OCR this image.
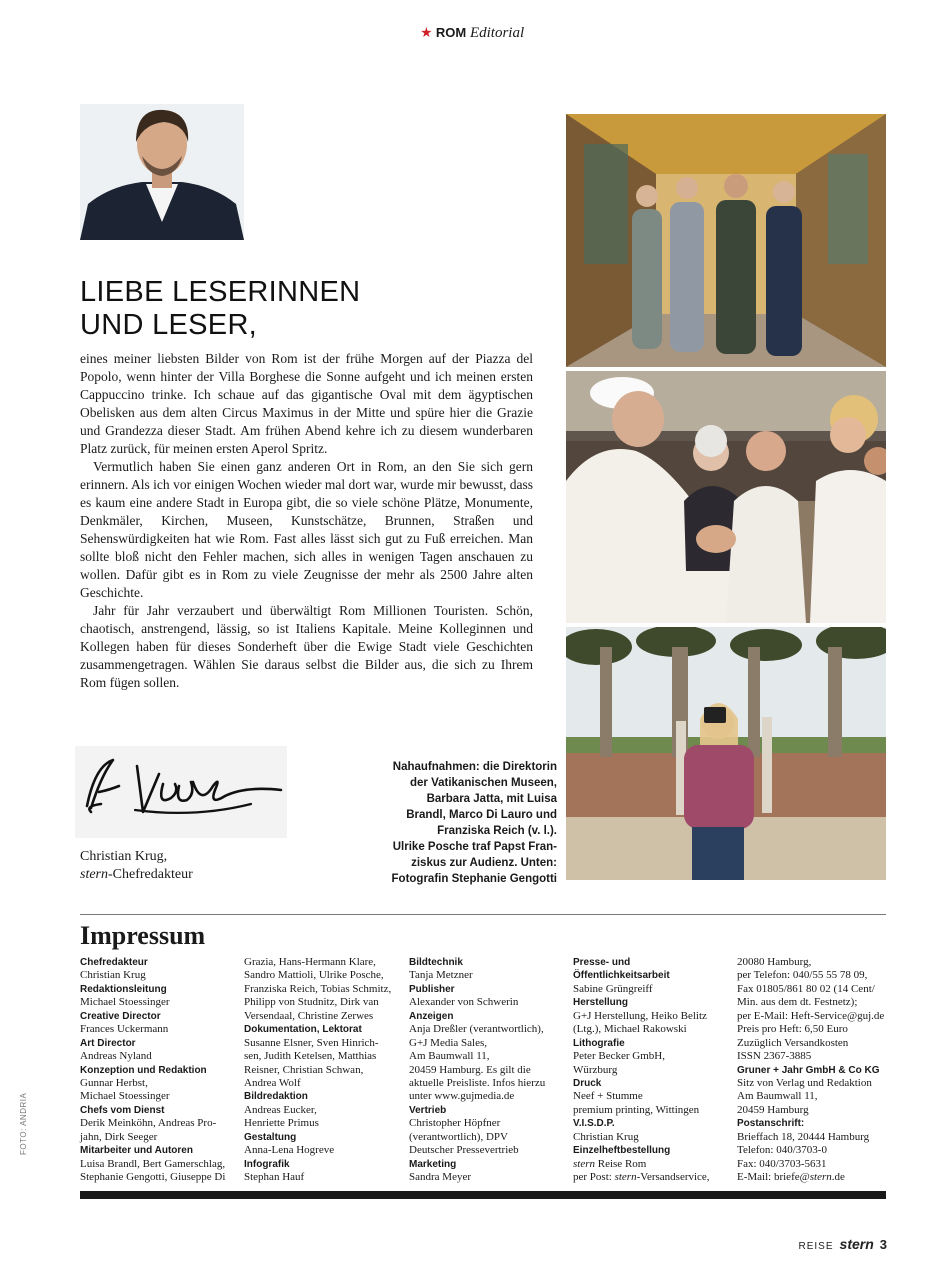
ROM Editorial
LIEBE LESERINNEN
UND LESER,

eines meiner liebsten Bilder von Rom ist der frühe Morgen auf der Piazza del Popolo, wenn hinter der Villa Borghese die Sonne aufgeht und ich meinen ersten Cappuccino trinke. Ich schaue auf das gigantische Oval mit dem ägyptischen Obelisken aus dem alten Circus Maximus in der Mitte und spüre hier die Grazie und Grandezza dieser Stadt. Am frühen Abend kehre ich zu diesem wunderbaren Platz zurück, für meinen ersten Aperol Spritz.

Vermutlich haben Sie einen ganz anderen Ort in Rom, an den Sie sich gern erinnern. Als ich vor einigen Wochen wieder mal dort war, wurde mir bewusst, dass es kaum eine andere Stadt in Europa gibt, die so viele schöne Plätze, Monumente, Denkmäler, Kirchen, Museen, Kunstschätze, Brunnen, Straßen und Sehenswürdigkeiten hat wie Rom. Fast alles lässt sich gut zu Fuß erreichen. Man sollte bloß nicht den Fehler machen, sich alles in wenigen Tagen anschauen zu wollen. Dafür gibt es in Rom zu viele Zeugnisse der mehr als 2500 Jahre alten Geschichte.

Jahr für Jahr verzaubert und überwältigt Rom Millionen Touristen. Schön, chaotisch, anstrengend, lässig, so ist Italiens Kapitale. Meine Kolleginnen und Kollegen haben für dieses Sonderheft über die Ewige Stadt viele Geschichten zusammengetragen. Wählen Sie daraus selbst die Bilder aus, die sich zu Ihrem Rom fügen sollen.

Christian Krug,
stern-Chefredakteur
Nahaufnahmen: die Direktorin
der Vatikanischen Museen,
Barbara Jatta, mit Luisa
Brandl, Marco Di Lauro und
Franziska Reich (v. l.).
Ulrike Posche traf Papst Fran-
ziskus zur Audienz. Unten:
Fotografin Stephanie Gengotti
Impressum
Chefredakteur
Christian Krug
Redaktionsleitung
Michael Stoessinger
Creative Director
Frances Uckermann
Art Director
Andreas Nyland
Konzeption und Redaktion
Gunnar Herbst,
Michael Stoessinger
Chefs vom Dienst
Derik Meinköhn, Andreas Pro-
jahn, Dirk Seeger
Mitarbeiter und Autoren
Luisa Brandl, Bert Gamerschlag,
Stephanie Gengotti, Giuseppe Di
Grazia, Hans-Hermann Klare,
Sandro Mattioli, Ulrike Posche,
Franziska Reich, Tobias Schmitz,
Philipp von Studnitz, Dirk van
Versendaal, Christine Zerwes
Dokumentation, Lektorat
Susanne Elsner, Sven Hinrich-
sen, Judith Ketelsen, Matthias
Reisner, Christian Schwan,
Andrea Wolf
Bildredaktion
Andreas Eucker,
Henriette Primus
Gestaltung
Anna-Lena Hogreve
Infografik
Stephan Hauf
Bildtechnik
Tanja Metzner
Publisher
Alexander von Schwerin
Anzeigen
Anja Dreßler (verantwortlich),
G+J Media Sales,
Am Baumwall 11,
20459 Hamburg. Es gilt die
aktuelle Preisliste. Infos hierzu
unter www.gujmedia.de
Vertrieb
Christopher Höpfner
(verantwortlich), DPV
Deutscher Pressevertrieb
Marketing
Sandra Meyer
Presse- und
Öffentlichkeitsarbeit
Sabine Grüngreiff
Herstellung
G+J Herstellung, Heiko Belitz
(Ltg.), Michael Rakowski
Lithografie
Peter Becker GmbH,
Würzburg
Druck
Neef + Stumme
premium printing, Wittingen
V.I.S.D.P.
Christian Krug
Einzelheftbestellung
stern Reise Rom
per Post: stern-Versandservice,
20080 Hamburg,
per Telefon: 040/55 55 78 09,
Fax 01805/861 80 02 (14 Cent/
Min. aus dem dt. Festnetz);
per E-Mail: Heft-Service@guj.de
Preis pro Heft: 6,50 Euro
Zuzüglich Versandkosten
ISSN 2367-3885
Gruner + Jahr GmbH & Co KG
Sitz von Verlag und Redaktion
Am Baumwall 11,
20459 Hamburg
Postanschrift:
Brieffach 18, 20444 Hamburg
Telefon: 040/3703-0
Fax: 040/3703-5631
E-Mail: briefe@stern.de
FOTO: ANDRIA
REISE stern 3
